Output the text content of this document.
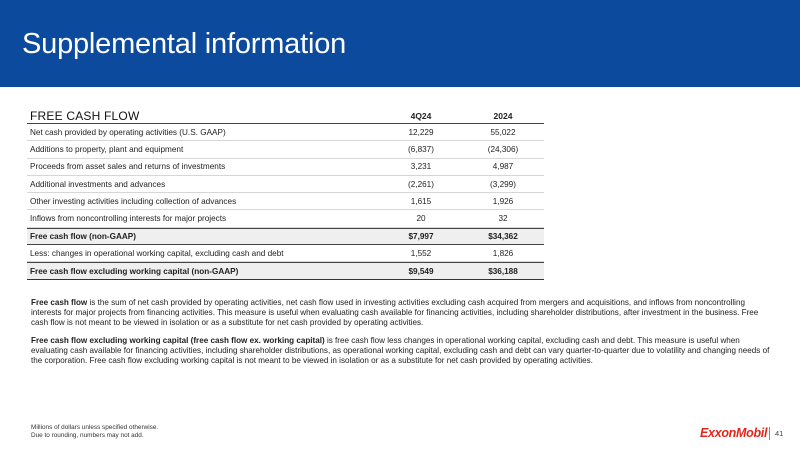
Supplemental information
FREE CASH FLOW	4Q24	2024
Net cash provided by operating activities (U.S. GAAP)	12,229	55,022
Additions to property, plant and equipment	(6,837)	(24,306)
Proceeds from asset sales and returns of investments	3,231	4,987
Additional investments and advances	(2,261)	(3,299)
Other investing activities including collection of advances	1,615	1,926
Inflows from noncontrolling interests for major projects	20	32
Free cash flow (non-GAAP)	$7,997	$34,362
Less: changes in operational working capital, excluding cash and debt	1,552	1,826
Free cash flow excluding working capital (non-GAAP)	$9,549	$36,188

Free cash flow is the sum of net cash provided by operating activities, net cash flow used in investing activities excluding cash acquired from mergers and acquisitions, and inflows from noncontrolling interests for major projects from financing activities. This measure is useful when evaluating cash available for financing activities, including shareholder distributions, after investment in the business. Free cash flow is not meant to be viewed in isolation or as a substitute for net cash provided by operating activities.

Free cash flow excluding working capital (free cash flow ex. working capital) is free cash flow less changes in operational working capital, excluding cash and debt. This measure is useful when evaluating cash available for financing activities, including shareholder distributions, as operational working capital, excluding cash and debt can vary quarter-to-quarter due to volatility and changing needs of the corporation. Free cash flow excluding working capital is not meant to be viewed in isolation or as a substitute for net cash provided by operating activities.

Millions of dollars unless specified otherwise.
Due to rounding, numbers may not add.	ExxonMobil 41
